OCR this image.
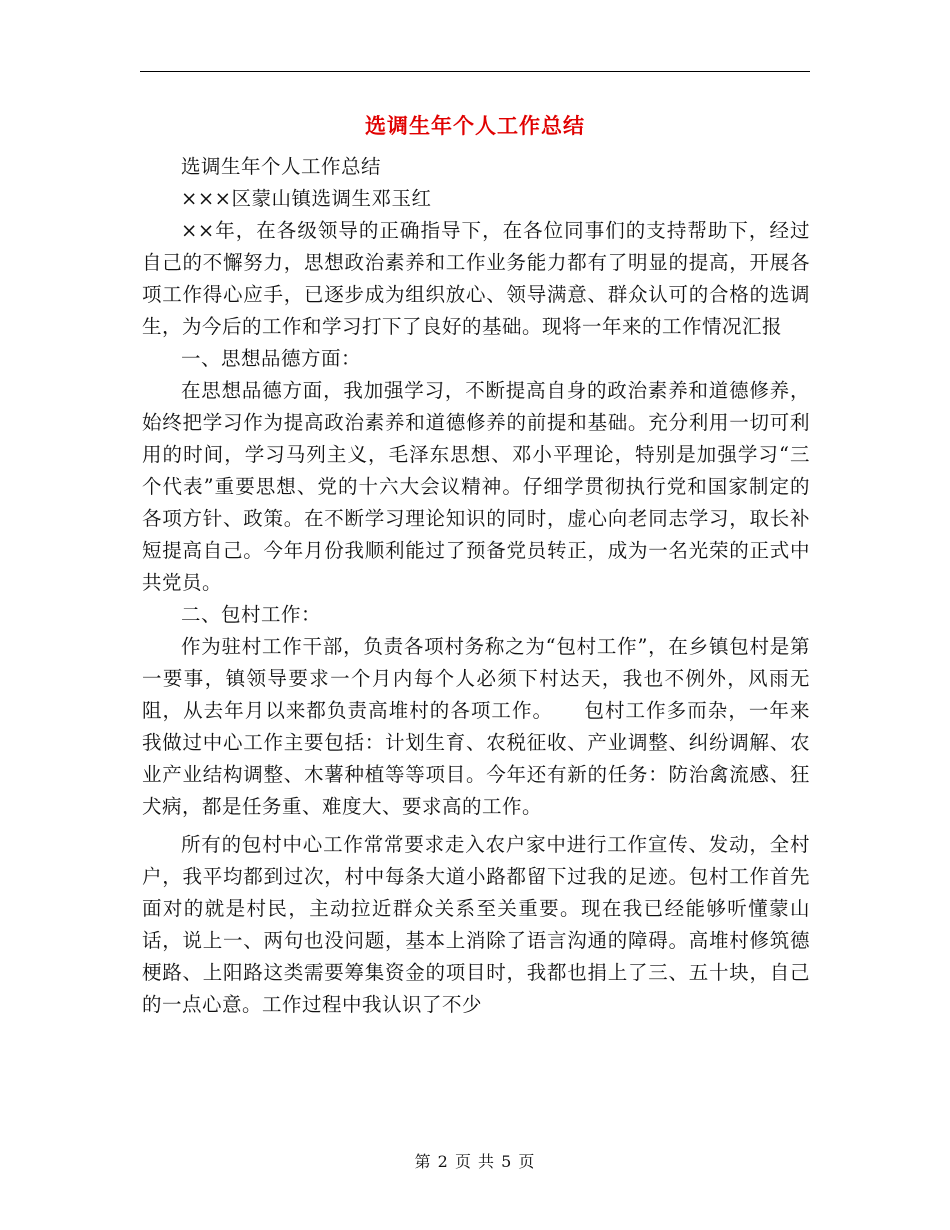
选调生年个人工作总结

选调生年个人工作总结

×××区蒙山镇选调生邓玉红

××年，在各级领导的正确指导下，在各位同事们的支持帮助下，经过自己的不懈努力，思想政治素养和工作业务能力都有了明显的提高，开展各项工作得心应手，已逐步成为组织放心、领导满意、群众认可的合格的选调生，为今后的工作和学习打下了良好的基础。现将一年来的工作情况汇报

一、思想品德方面：

在思想品德方面，我加强学习，不断提高自身的政治素养和道德修养，始终把学习作为提高政治素养和道德修养的前提和基础。充分利用一切可利用的时间，学习马列主义，毛泽东思想、邓小平理论，特别是加强学习“三个代表”重要思想、党的十六大会议精神。仔细学贯彻执行党和国家制定的各项方针、政策。在不断学习理论知识的同时，虚心向老同志学习，取长补短提高自己。今年月份我顺利能过了预备党员转正，成为一名光荣的正式中共党员。

二、包村工作：

作为驻村工作干部，负责各项村务称之为“包村工作”，在乡镇包村是第一要事，镇领导要求一个月内每个人必须下村达天，我也不例外，风雨无阻，从去年月以来都负责高堆村的各项工作。　　包村工作多而杂，一年来我做过中心工作主要包括：计划生育、农税征收、产业调整、纠纷调解、农业产业结构调整、木薯种植等等项目。今年还有新的任务：防治禽流感、狂犬病，都是任务重、难度大、要求高的工作。

所有的包村中心工作常常要求走入农户家中进行工作宣传、发动，全村户，我平均都到过次，村中每条大道小路都留下过我的足迹。包村工作首先面对的就是村民，主动拉近群众关系至关重要。现在我已经能够听懂蒙山话，说上一、两句也没问题，基本上消除了语言沟通的障碍。高堆村修筑德梗路、上阳路这类需要筹集资金的项目时，我都也捐上了三、五十块，自己的一点心意。工作过程中我认识了不少

第 2 页 共 5 页
